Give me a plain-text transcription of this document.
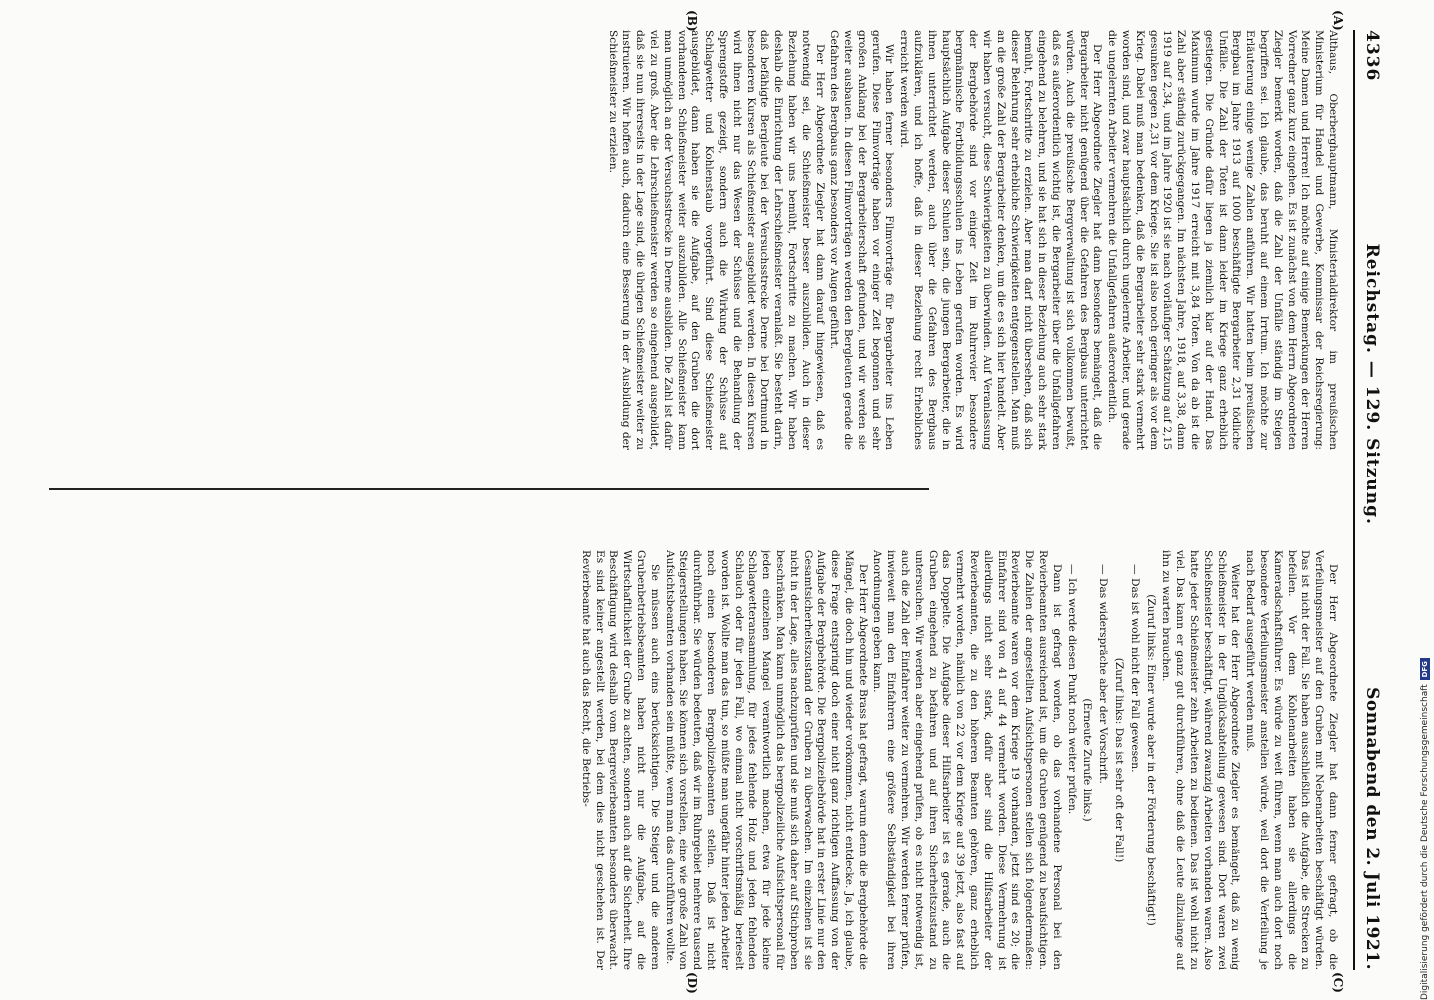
4336
Reichstag. — 129. Sitzung.
Sonnabend den 2. Juli 1921.
(A)
(B)
(C)
(D)

Althaus, Oberberghauptmann, Ministerialdirektor im preußischen Ministerium für Handel und Gewerbe, Kommissar der Reichsregierung: Meine Damen und Herren! Ich möchte auf einige Bemerkungen der Herren Vorredner ganz kurz eingehen. Es ist zunächst von dem Herrn Abgeordneten Ziegler bemerkt worden, daß die Zahl der Unfälle ständig im Steigen begriffen sei. Ich glaube, das beruht auf einem Irrtum. Ich möchte zur Erläuterung einige wenige Zahlen anführen. Wir hatten beim preußischen Bergbau im Jahre 1913 auf 1000 beschäftigte Bergarbeiter 2,31 tödliche Unfälle. Die Zahl der Toten ist dann leider im Kriege ganz erheblich gestiegen. Die Gründe dafür liegen ja ziemlich klar auf der Hand. Das Maximum wurde im Jahre 1917 erreicht mit 3,84 Toten. Von da ab ist die Zahl aber ständig zurückgegangen. Im nächsten Jahre, 1918, auf 3,38, dann 1919 auf 2,34, und im Jahre 1920 ist sie nach vorläufiger Schätzung auf 2,15 gesunken gegen 2,31 vor dem Kriege. Sie ist also noch geringer als vor dem Krieg. Dabei muß man bedenken, daß die Bergarbeiter sehr stark vermehrt worden sind, und zwar hauptsächlich durch ungelernte Arbeiter, und gerade die ungelernten Arbeiter vermehren die Unfallgefahren außerordentlich.

Der Herr Abgeordnete Ziegler hat dann besonders bemängelt, daß die Bergarbeiter nicht genügend über die Gefahren des Bergbaus unterrichtet würden. Auch die preußische Bergverwaltung ist sich vollkommen bewußt, daß es außerordentlich wichtig ist, die Bergarbeiter über die Unfallgefahren eingehend zu belehren, und sie hat sich in dieser Beziehung auch sehr stark bemüht, Fortschritte zu erzielen. Aber man darf nicht übersehen, daß sich dieser Belehrung sehr erhebliche Schwierigkeiten entgegenstellen. Man muß an die große Zahl der Bergarbeiter denken, um die es sich hier handelt. Aber wir haben versucht, diese Schwierigkeiten zu überwinden. Auf Veranlassung der Bergbehörde sind vor einiger Zeit im Ruhrrevier besondere bergmännische Fortbildungsschulen ins Leben gerufen worden. Es wird hauptsächlich Aufgabe dieser Schulen sein, die jungen Bergarbeiter, die in ihnen unterrichtet werden, auch über die Gefahren des Bergbaus aufzuklären, und ich hoffe, daß in dieser Beziehung recht Erhebliches erreicht werden wird.

Wir haben ferner besonders Filmvorträge für Bergarbeiter ins Leben gerufen. Diese Filmvorträge haben vor einiger Zeit begonnen und sehr großen Anklang bei der Bergarbeiterschaft gefunden, und wir werden sie weiter ausbauen. In diesen Filmvorträgen werden den Bergleuten gerade die Gefahren des Bergbaus ganz besonders vor Augen geführt.

Der Herr Abgeordnete Ziegler hat dann darauf hingewiesen, daß es notwendig sei, die Schießmeister besser auszubilden. Auch in dieser Beziehung haben wir uns bemüht, Fortschritte zu machen. Wir haben deshalb die Einrichtung der Lehrschießmeister veranlaßt. Sie besteht darin, daß befähigte Bergleute bei der Versuchsstrecke Derne bei Dortmund in besonderen Kursen als Schießmeister ausgebildet werden. In diesen Kursen wird ihnen nicht nur das Wesen der Schüsse und die Behandlung der Sprengstoffe gezeigt, sondern auch die Wirkung der Schüsse auf Schlagwetter und Kohlenstaub vorgeführt. Sind diese Schießmeister ausgebildet, dann haben sie die Aufgabe, auf den Gruben die dort vorhandenen Schießmeister weiter auszubilden. Alle Schießmeister kann man unmöglich an der Versuchsstrecke in Derne ausbilden. Die Zahl ist dafür viel zu groß. Aber die Lehrschießmeister werden so eingehend ausgebildet, daß sie nun ihrerseits in der Lage sind, die übrigen Schießmeister weiter zu instruieren. Wir hoffen auch, dadurch eine Besserung in der Ausbildung der Schießmeister zu erzielen.

Der Herr Abgeordnete Ziegler hat dann ferner gefragt, ob die Verfeilungsmeister auf den Gruben mit Nebenarbeiten beschäftigt würden. Das ist nicht der Fall. Sie haben ausschließlich die Aufgabe, die Strecken zu befeilen. Vor dem Kohlenarbeiten haben sie allerdings die Kameradschaftsführer. Es würde zu weit führen, wenn man auch dort noch besondere Verfeilungsmeister anstellen würde, weil dort die Verfeilung je nach Bedarf ausgeführt werden muß.

Weiter hat der Herr Abgeordnete Ziegler es bemängelt, daß zu wenig Schießmeister in der Unglücksabteilung gewesen sind. Dort waren zwei Schießmeister beschäftigt, während zwanzig Arbeiten vorhanden waren. Also hatte jeder Schießmeister zehn Arbeiten zu bedienen. Das ist wohl nicht zu viel. Das kann er ganz gut durchführen, ohne daß die Leute allzulange auf ihn zu warten brauchen.

(Zuruf links: Einer wurde aber in der Förderung beschäftigt!)

— Das ist wohl nicht der Fall gewesen.

(Zuruf links: Das ist sehr oft der Fall!)

— Das widerspräche aber der Vorschrift.

(Erneute Zurufe links.)

— Ich werde diesen Punkt noch weiter prüfen.

Dann ist gefragt worden, ob das vorhandene Personal bei den Revierbeamten ausreichend ist, um die Gruben genügend zu beaufsichtigen. Die Zahlen der angestellten Aufsichtspersonen stellen sich folgendermaßen: Revierbeamte waren vor dem Kriege 19 vorhanden, jetzt sind es 20; die Einfahrer sind von 41 auf 44 vermehrt worden. Diese Vermehrung ist allerdings nicht sehr stark, dafür aber sind die Hilfsarbeiter der Revierbeamten, die zu den höheren Beamten gehören, ganz erheblich vermehrt worden, nämlich von 22 vor dem Kriege auf 39 jetzt, also fast auf das Doppelte. Die Aufgabe dieser Hilfsarbeiter ist es gerade, auch die Gruben eingehend zu befahren und auf ihren Sicherheitszustand zu untersuchen. Wir werden aber eingehend prüfen, ob es nicht notwendig ist, auch die Zahl der Einfahrer weiter zu vermehren. Wir werden ferner prüfen, inwieweit man den Einfahrern eine größere Selbständigkeit bei ihren Anordnungen geben kann.

Der Herr Abgeordnete Brass hat gefragt, warum denn die Bergbehörde die Mängel, die doch hin und wieder vorkommen, nicht entdecke. Ja, ich glaube, diese Frage entspringt doch einer nicht ganz richtigen Auffassung von der Aufgabe der Bergbehörde. Die Bergpolizeibehörde hat in erster Linie nur den Gesamtsicherheitszustand der Gruben zu überwachen. Im einzelnen ist sie nicht in der Lage, alles nachzuprüfen und sie muß sich daher auf Stichproben beschränken. Man kann unmöglich das bergpolizeiliche Aufsichtspersonal für jeden einzelnen Mangel verantwortlich machen, etwa für jede kleine Schlagwetteransammlung, für jedes fehlende Holz und jeden fehlenden Schlauch oder für jeden Fall, wo einmal nicht vorschriftsmäßig berieselt worden ist. Wollte man das tun, so müßte man ungefähr hinter jeden Arbeiter noch einen besonderen Bergpolizeibeamten stellen. Daß ist nicht durchführbar. Sie würden bedeuten, daß wir im Ruhrgebiet mehrere tausend Steigerstellungen haben. Sie können sich vorstellen, eine wie große Zahl von Aufsichtsbeamten vorhanden sein müßte, wenn man das durchführen wollte.

Sie müssen auch eins berücksichtigen. Die Steiger und die anderen Grubenbetriebsbeamten haben nicht nur die Aufgabe, auf die Wirtschaftlichkeit der Grube zu achten, sondern auch auf die Sicherheit. Ihre Beschäftigung wird deshalb vom Bergrevierbeamten besonders überwacht. Es sind keiner angestellt werden, bei dem dies nicht geschehen ist. Der Revierbeamte hat auch das Recht, die Betriebs-

Digitalisierung gefördert durch die Deutsche Forschungsgemeinschaft
DFG
